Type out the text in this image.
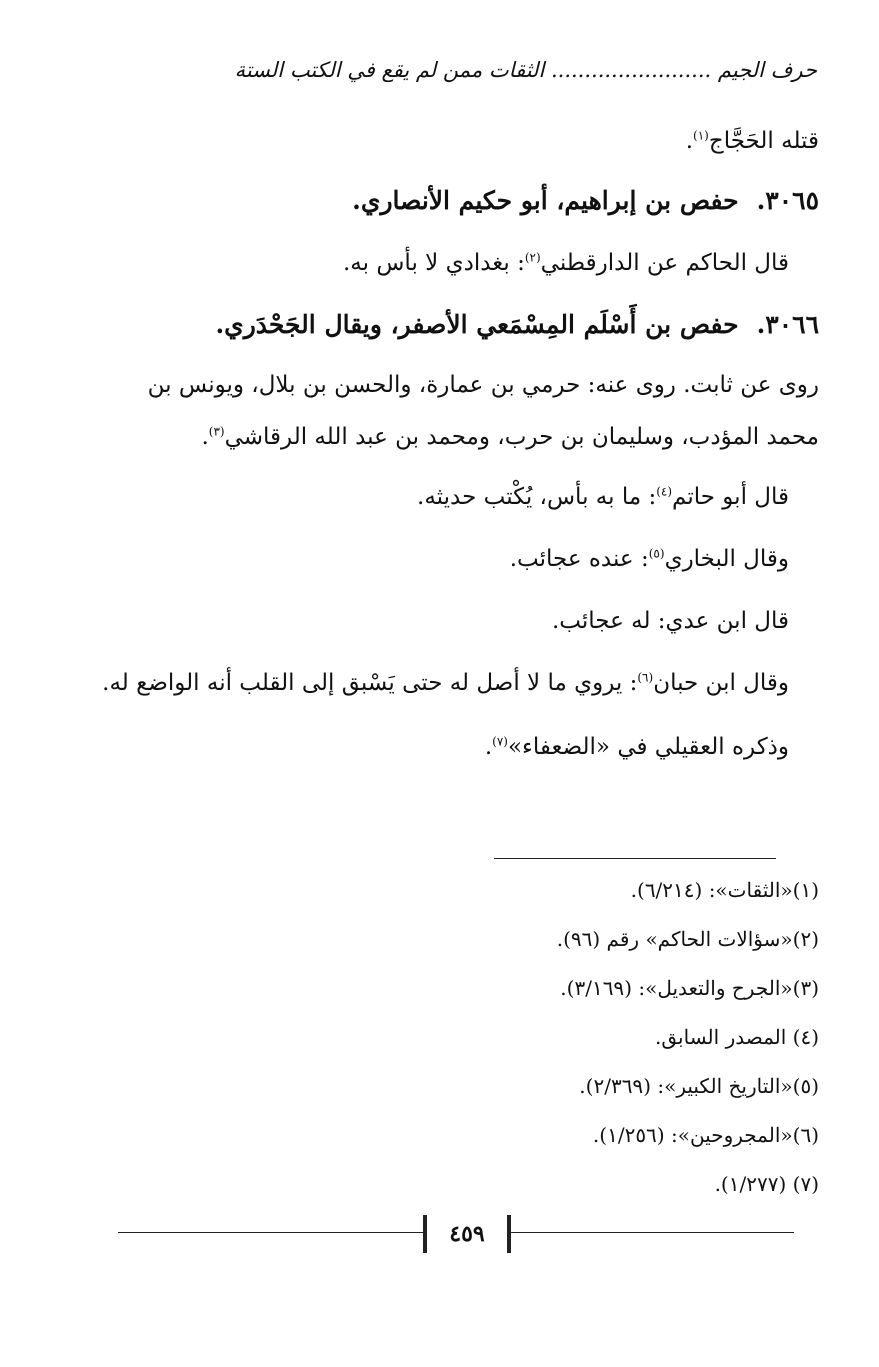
حرف الجيم ........................ الثقات ممن لم يقع في الكتب الستة
قتله الحَجَّاج$^{(١)}$.
٣٠٦٥.حفص بن إبراهيم، أبو حكيم الأنصاري.
قال الحاكم عن الدارقطني$^{(٢)}$: بغدادي لا بأس به.
٣٠٦٦.حفص بن أَسْلَم المِسْمَعي الأصفر، ويقال الجَحْدَري.
روى عن ثابت. روى عنه: حرمي بن عمارة، والحسن بن بلال، ويونس بن
محمد المؤدب، وسليمان بن حرب، ومحمد بن عبد الله الرقاشي$^{(٣)}$.
قال أبو حاتم$^{(٤)}$: ما به بأس، يُكْتب حديثه.
وقال البخاري$^{(٥)}$: عنده عجائب.
قال ابن عدي: له عجائب.
وقال ابن حبان$^{(٦)}$: يروي ما لا أصل له حتى يَسْبق إلى القلب أنه الواضع له.
وذكره العقيلي في «الضعفاء»$^{(٧)}$.
(١)«الثقات»: (٦/٢١٤).
(٢)«سؤالات الحاكم» رقم (٩٦).
(٣)«الجرح والتعديل»: (٣/١٦٩).
(٤) المصدر السابق.
(٥)«التاريخ الكبير»: (٢/٣٦٩).
(٦)«المجروحين»: (١/٢٥٦).
(٧) (١/٢٧٧).
٤٥٩
